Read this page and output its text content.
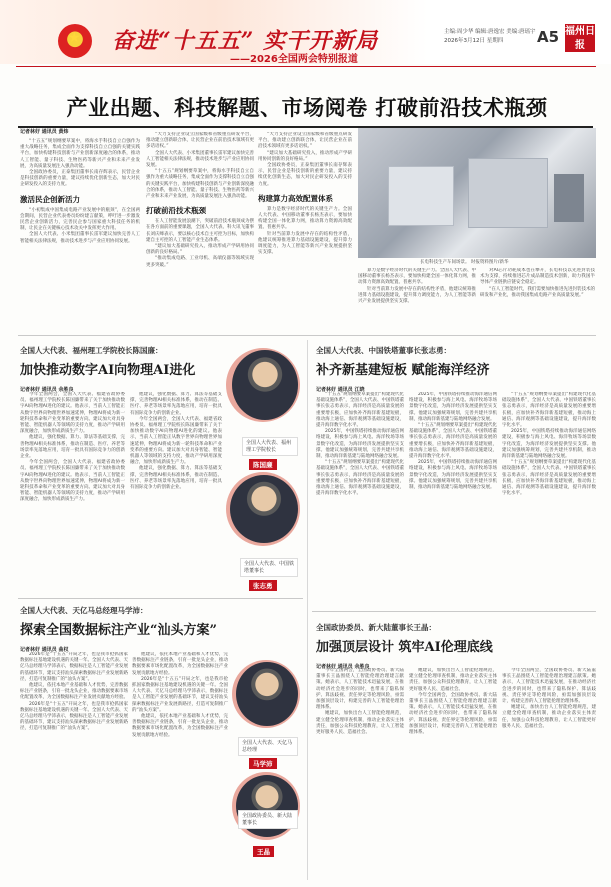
★ 奋进“十五五” 实干开新局
——2026全国两会特别报道
主编:周少华 编辑:唐逸宏 美编:唐瑶宇
2026年3月12日 星期四	A5 福州日报
产业出题、科技解题、市场阅卷 打破前沿技术瓶颈
记者林好 通讯员 黄炜

“十五五”规划纲要草案中，将海水手科技自立自强作为重大战略任务，集成全面作为支撑科技自立自强的关键实践平台，加快构建科技创新与产业创新深度融合的体系，推动人工智能、量子科技、生物医药等新兴产业和未来产业发展，为高质量发展注入强劲动能。

全国政协委员，正泰集团董事长南存辉表示，民营企业是科技创新的重要力量，建议持续优化创新生态，加大对民企研发投入的支持力度。

激活民企创新活力

“小初集成中国集成电路产业发展中的瓶颈”，在全国两会期间，民营企业代表委员纷纷建言献策，呼吁进一步激发民营企业创新活力，完善民企参与国家重大科技任务的机制，让民企在关键核心技术攻关中发挥更大作用。

全国人大代表、小米集团董事长雷军建议加快完善人工智能相关法律法规，推动技术进步与产业应用协同发展。

“大力支持企业设立国家级和省级重点研发平台，推动建立创新联合体，让民营企业在前沿技术领域有更多话语权。”

全国人大代表、小米集团董事长雷军建议加快完善人工智能相关法律法规，推动技术进步与产业应用协同发展。

“十五五”规划纲要草案中，将海水手科技自立自强作为重大战略任务，集成全面作为支撑科技自立自强的关键实践平台，加快构建科技创新与产业创新深度融合的体系，推动人工智能、量子科技、生物医药等新兴产业和未来产业发展，为高质量发展注入强劲动能。

打破前沿技术瓶颈

在人工智能发展浪潮下，突破前沿技术瓶颈成为摆在各方面前的重要课题，全国人大代表、科大讯飞董事长刘庆峰表示，要以核心技术自主可控为目标，加快构建自主可控的人工智能产业生态体系。

“建议加大基础研究投入，推动形成产学研用协同创新的良好格局。”

“推动集成电路、工业母机、高端仪器等领域实现更多突破。”

“大力支持企业设立国家级和省级重点研发平台，推动建立创新联合体，让民营企业在前沿技术领域有更多话语权。”

“建议加大基础研究投入，推动形成产学研用协同创新的良好格局。”

全国政协委员，正泰集团董事长南存辉表示，民营企业是科技创新的重要力量，建议持续优化创新生态，加大对民企研发投入的支持力度。

构建算力高效配置体系

算力是数字经济时代的关键生产力。全国人大代表、中国移动董事长杨杰表示，要加快构建全国一体化算力网，推动算力资源高效配置、普惠共享。

针对当前算力发展中存在的结构性矛盾，他建议统筹推进算力基础设施建设，提升算力调度能力，为人工智能等新兴产业发展提供坚实支撑。

长电科技生产车间场景。 时报资料图片/新华

算力是数字经济时代的关键生产力。全国人大代表、中国移动董事长杨杰表示，要加快构建全国一体化算力网，推动算力资源高效配置、普惠共享。

针对当前算力发展中存在的结构性矛盾，他建议统筹推进算力基础设施建设，提升算力调度能力，为人工智能等新兴产业发展提供坚实支撑。

对AI芯片功耗成本也在攀升，长电科技以先进封装技术为支撑，持续推进芯片成品制造技术创新，助力我国半导体产业链供应链安全稳定。

“在人工智能时代，我们需要加快推进先进封装技术的研发和产业化，推动我国集成电路产业高质量发展。”

全国人大代表、福州理工学院校长陈国廉：
加快推动数字AI向物理AI进化
记者林好 通讯员 余胜良

今年全国两会，全国人大代表、福建省政协委员、福州理工学院校长陈国廉带来了关于加快推动数字AI向物理AI进化的建议。他表示，当前人工智能正从数字世界向物理世界加速延伸，物理AI将成为新一轮科技革命和产业变革的重要方向。建议加大对具身智能、智能机器人等领域的支持力度，推动产学研用深度融合，加快形成新质生产力。

他建议，强化数据、算力、算法等基础支撑，完善物理AI相关标准体系，推动在制造、医疗、养老等场景率先落地应用，培育一批具有国际竞争力的创新企业。

今年全国两会，全国人大代表、福建省政协委员、福州理工学院校长陈国廉带来了关于加快推动数字AI向物理AI进化的建议。他表示，当前人工智能正从数字世界向物理世界加速延伸，物理AI将成为新一轮科技革命和产业变革的重要方向。建议加大对具身智能、智能机器人等领域的支持力度，推动产学研用深度融合，加快形成新质生产力。

他建议，强化数据、算力、算法等基础支撑，完善物理AI相关标准体系，推动在制造、医疗、养老等场景率先落地应用，培育一批具有国际竞争力的创新企业。

今年全国两会，全国人大代表、福建省政协委员、福州理工学院校长陈国廉带来了关于加快推动数字AI向物理AI进化的建议。他表示，当前人工智能正从数字世界向物理世界加速延伸，物理AI将成为新一轮科技革命和产业变革的重要方向。建议加大对具身智能、智能机器人等领域的支持力度，推动产学研用深度融合，加快形成新质生产力。

他建议，强化数据、算力、算法等基础支撑，完善物理AI相关标准体系，推动在制造、医疗、养老等场景率先落地应用，培育一批具有国际竞争力的创新企业。

全国人大代表、福州理工学院校长
陈国廉
全国人大代表、中国铁塔董事长
张志勇
全国人大代表、中国铁塔董事长张志勇：
补齐新基建短板 赋能海洋经济
记者林好 通讯员 江晓

“十五五”规划纲要草案提出“构建现代化基础设施体系”，全国人大代表、中国铁塔董事长张志勇表示，海洋经济是高质量发展的重要增长极，应加快补齐海洋新基建短板，推动海上通信、海洋观测等基础设施建设，提升海洋数字化水平。

2025年，中国铁塔持续推动海洋通信网络建设，积极参与海上风电、海洋牧场等场景数字化改造，为海洋经济发展提供坚实支撑。他建议加强统筹规划，完善共建共享机制，推动海洋新基建与陆地网络融合发展。

“十五五”规划纲要草案提出“构建现代化基础设施体系”，全国人大代表、中国铁塔董事长张志勇表示，海洋经济是高质量发展的重要增长极，应加快补齐海洋新基建短板，推动海上通信、海洋观测等基础设施建设，提升海洋数字化水平。

2025年，中国铁塔持续推动海洋通信网络建设，积极参与海上风电、海洋牧场等场景数字化改造，为海洋经济发展提供坚实支撑。他建议加强统筹规划，完善共建共享机制，推动海洋新基建与陆地网络融合发展。

“十五五”规划纲要草案提出“构建现代化基础设施体系”，全国人大代表、中国铁塔董事长张志勇表示，海洋经济是高质量发展的重要增长极，应加快补齐海洋新基建短板，推动海上通信、海洋观测等基础设施建设，提升海洋数字化水平。

2025年，中国铁塔持续推动海洋通信网络建设，积极参与海上风电、海洋牧场等场景数字化改造，为海洋经济发展提供坚实支撑。他建议加强统筹规划，完善共建共享机制，推动海洋新基建与陆地网络融合发展。

“十五五”规划纲要草案提出“构建现代化基础设施体系”，全国人大代表、中国铁塔董事长张志勇表示，海洋经济是高质量发展的重要增长极，应加快补齐海洋新基建短板，推动海上通信、海洋观测等基础设施建设，提升海洋数字化水平。

2025年，中国铁塔持续推动海洋通信网络建设，积极参与海上风电、海洋牧场等场景数字化改造，为海洋经济发展提供坚实支撑。他建议加强统筹规划，完善共建共享机制，推动海洋新基建与陆地网络融合发展。

“十五五”规划纲要草案提出“构建现代化基础设施体系”，全国人大代表、中国铁塔董事长张志勇表示，海洋经济是高质量发展的重要增长极，应加快补齐海洋新基建短板，推动海上通信、海洋观测等基础设施建设，提升海洋数字化水平。

全国人大代表、天亿马总经理马学沛：
探索全国数据标注产业“汕头方案”
记者林好 通讯员 曲权

2026年是“十五五”开局之年，也是我市抢抓国家数据标注基地建设机遇的关键一年。全国人大代表、天亿马总经理马学沛表示，数据标注是人工智能产业发展的基础环节，建议支持汕头探索数据标注产业发展新路径，打造可复制推广的“汕头方案”。

他建议，依托本地产业基础和人才优势，完善数据标注产业链条，引育一批龙头企业，推动数据要素市场化配置改革，为全国数据标注产业发展贡献地方经验。

2026年是“十五五”开局之年，也是我市抢抓国家数据标注基地建设机遇的关键一年。全国人大代表、天亿马总经理马学沛表示，数据标注是人工智能产业发展的基础环节，建议支持汕头探索数据标注产业发展新路径，打造可复制推广的“汕头方案”。

他建议，依托本地产业基础和人才优势，完善数据标注产业链条，引育一批龙头企业，推动数据要素市场化配置改革，为全国数据标注产业发展贡献地方经验。

2026年是“十五五”开局之年，也是我市抢抓国家数据标注基地建设机遇的关键一年。全国人大代表、天亿马总经理马学沛表示，数据标注是人工智能产业发展的基础环节，建议支持汕头探索数据标注产业发展新路径，打造可复制推广的“汕头方案”。

他建议，依托本地产业基础和人才优势，完善数据标注产业链条，引育一批龙头企业，推动数据要素市场化配置改革，为全国数据标注产业发展贡献地方经验。

全国人大代表、天亿马总经理
马学沛
全国政协委员、新大陆董事长
王晶
全国政协委员、新大陆董事长王晶：
加强顶层设计 筑牢AI伦理底线
记者林好 通讯员 余胜良

今年全国两会，全国政协委员、新大陆董事长王晶围绕人工智能伦理治理建言献策。她表示，人工智能技术迅猛发展，在推动经济社会进步的同时，也带来了隐私保护、算法歧视、责任界定等伦理风险，亟需加强顶层设计，构建完善的人工智能伦理治理体系。

她建议，加快出台人工智能伦理规范，建立健全伦理审查机制，推动企业落实主体责任，加强公众科技伦理教育，让人工智能更好服务人民、造福社会。

她建议，加快出台人工智能伦理规范，建立健全伦理审查机制，推动企业落实主体责任，加强公众科技伦理教育，让人工智能更好服务人民、造福社会。

今年全国两会，全国政协委员、新大陆董事长王晶围绕人工智能伦理治理建言献策。她表示，人工智能技术迅猛发展，在推动经济社会进步的同时，也带来了隐私保护、算法歧视、责任界定等伦理风险，亟需加强顶层设计，构建完善的人工智能伦理治理体系。

今年全国两会，全国政协委员、新大陆董事长王晶围绕人工智能伦理治理建言献策。她表示，人工智能技术迅猛发展，在推动经济社会进步的同时，也带来了隐私保护、算法歧视、责任界定等伦理风险，亟需加强顶层设计，构建完善的人工智能伦理治理体系。

她建议，加快出台人工智能伦理规范，建立健全伦理审查机制，推动企业落实主体责任，加强公众科技伦理教育，让人工智能更好服务人民、造福社会。
